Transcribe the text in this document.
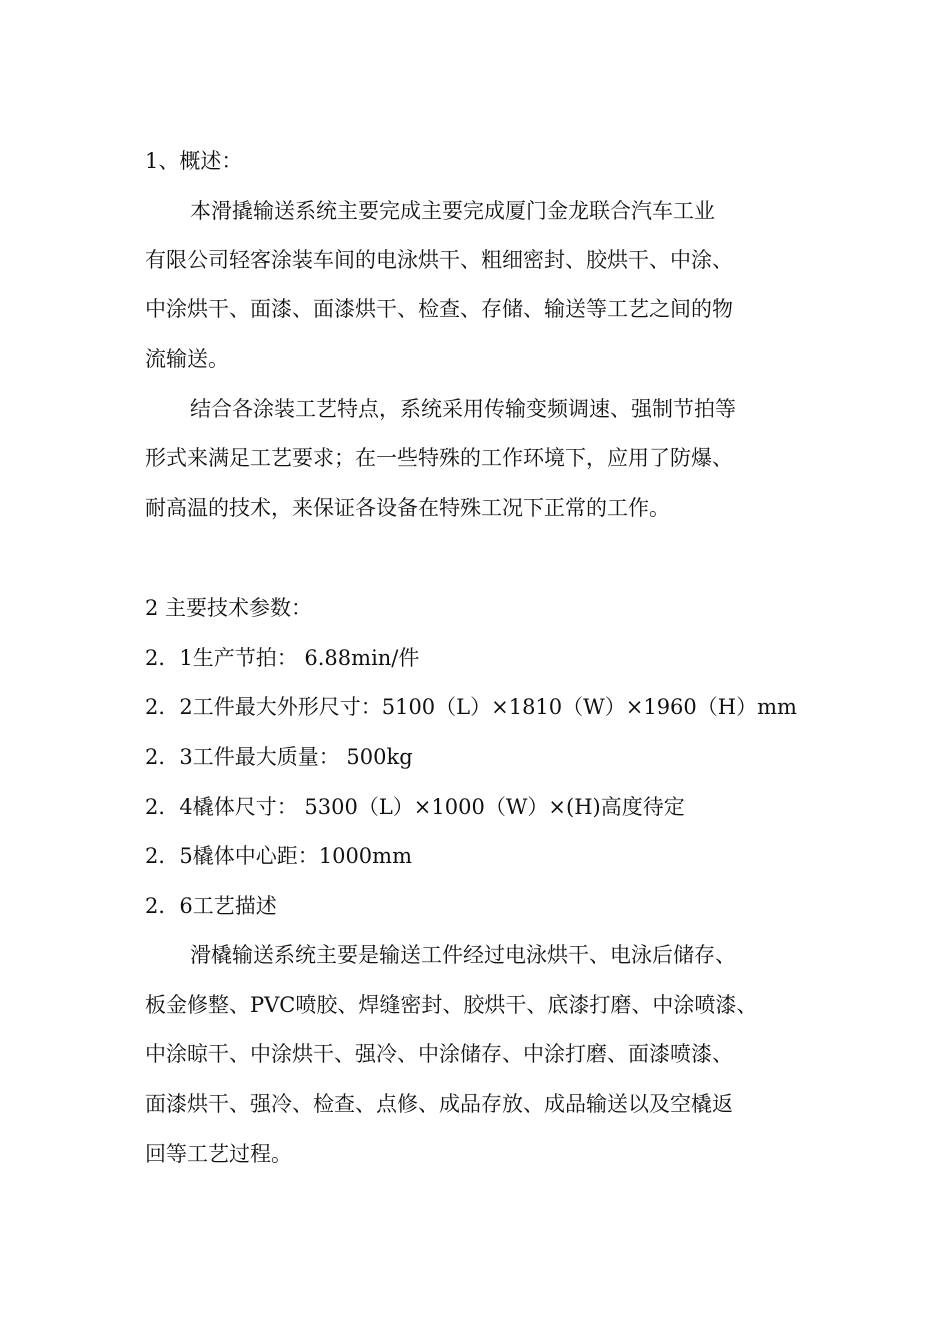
1、概述：
本滑撬输送系统主要完成主要完成厦门金龙联合汽车工业
有限公司轻客涂装车间的电泳烘干、粗细密封、胶烘干、中涂、
中涂烘干、面漆、面漆烘干、检查、存储、输送等工艺之间的物
流输送。
结合各涂装工艺特点，系统采用传输变频调速、强制节拍等
形式来满足工艺要求；在一些特殊的工作环境下，应用了防爆、
耐高温的技术，来保证各设备在特殊工况下正常的工作。
2 主要技术参数：
2．1生产节拍： 6.88min/件
2．2工件最大外形尺寸：5100（L）×1810（W）×1960（H）mm
2．3工件最大质量： 500kg
2．4橇体尺寸： 5300（L）×1000（W）×(H)高度待定
2．5橇体中心距：1000mm
2．6工艺描述
滑橇输送系统主要是输送工件经过电泳烘干、电泳后储存、
板金修整、PVC喷胶、焊缝密封、胶烘干、底漆打磨、中涂喷漆、
中涂晾干、中涂烘干、强冷、中涂储存、中涂打磨、面漆喷漆、
面漆烘干、强冷、检查、点修、成品存放、成品输送以及空橇返
回等工艺过程。
